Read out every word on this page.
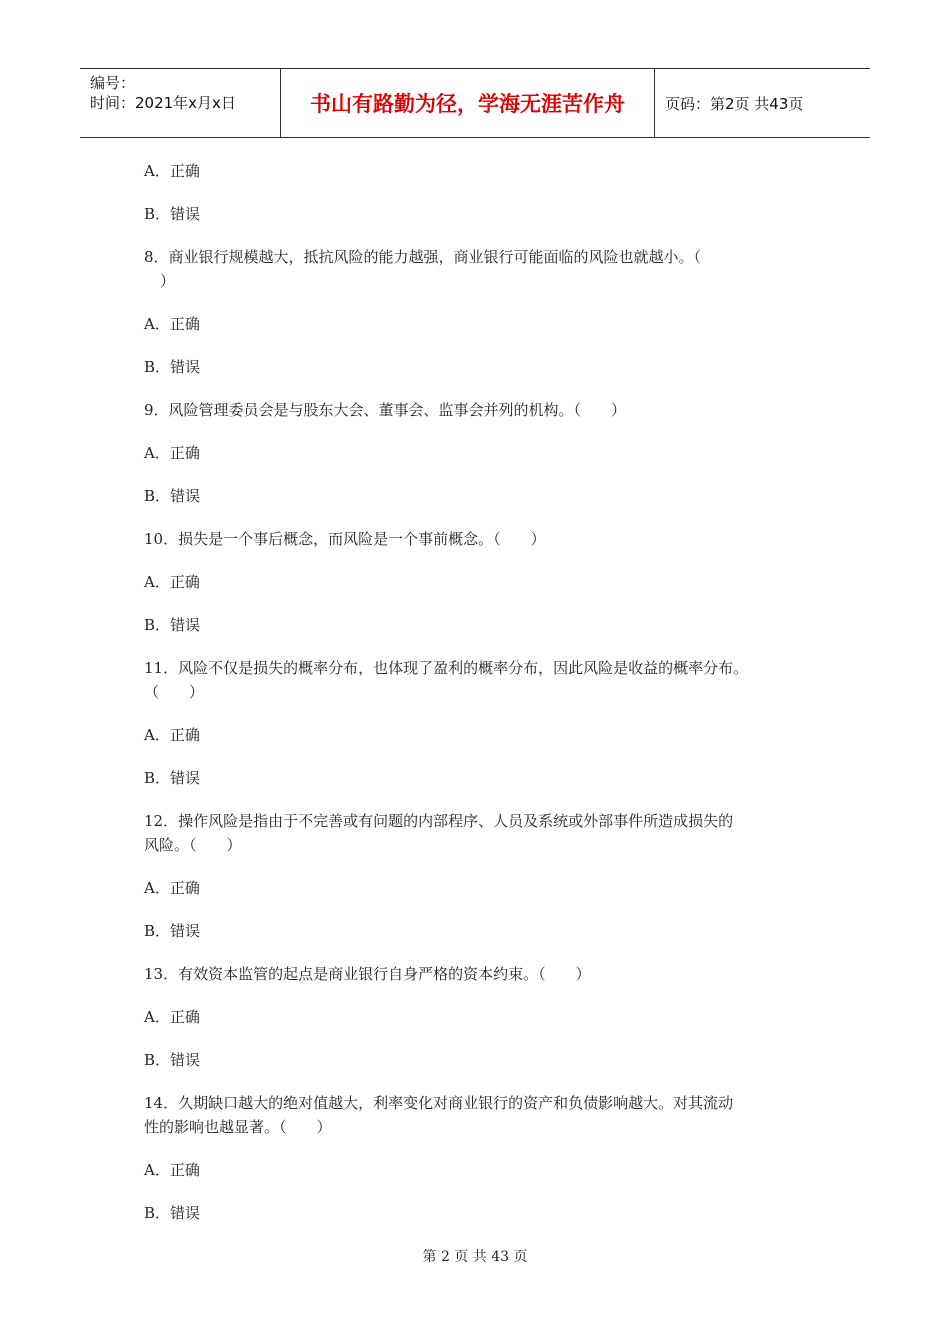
编号：
时间：2021年x月x日	书山有路勤为径，学海无涯苦作舟	页码：第2页 共43页
A．正确
B．错误
8．商业银行规模越大，抵抗风险的能力越强，商业银行可能面临的风险也就越小。（
）
A．正确
B．错误
9．风险管理委员会是与股东大会、董事会、监事会并列的机构。（　　）
A．正确
B．错误
10．损失是一个事后概念，而风险是一个事前概念。（　　）
A．正确
B．错误
11．风险不仅是损失的概率分布，也体现了盈利的概率分布，因此风险是收益的概率分布。
（　　）
A．正确
B．错误
12．操作风险是指由于不完善或有问题的内部程序、人员及系统或外部事件所造成损失的
风险。（　　）
A．正确
B．错误
13．有效资本监管的起点是商业银行自身严格的资本约束。（　　）
A．正确
B．错误
14．久期缺口越大的绝对值越大，利率变化对商业银行的资产和负债影响越大。对其流动
性的影响也越显著。（　　）
A．正确
B．错误
第 2 页 共 43 页
